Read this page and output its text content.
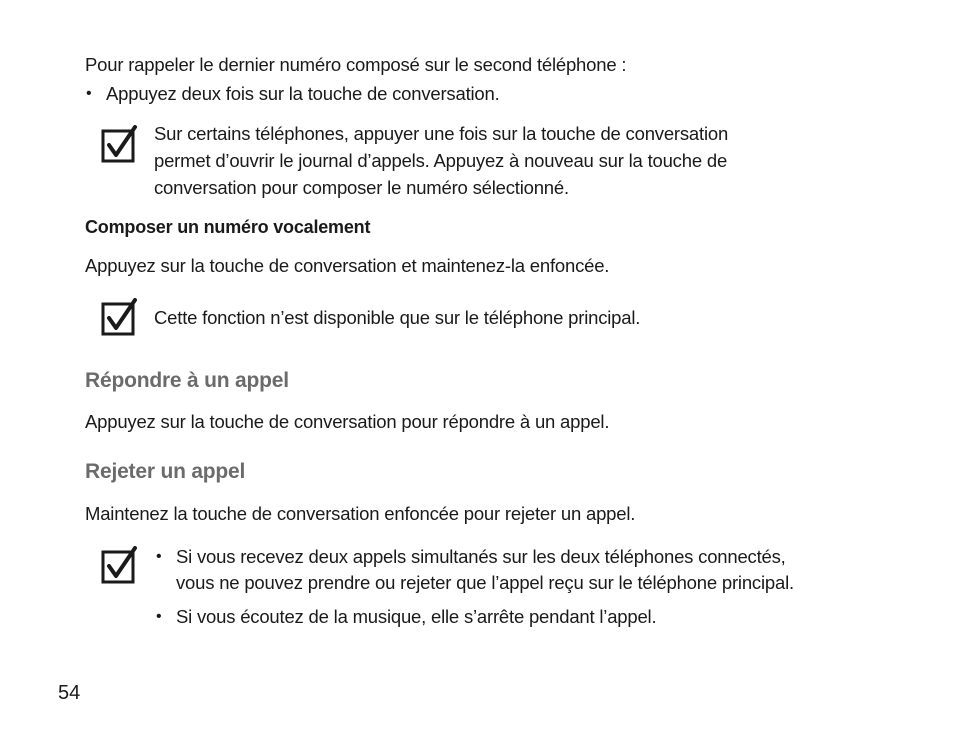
Pour rappeler le dernier numéro composé sur le second téléphone :
• Appuyez deux fois sur la touche de conversation.
Sur certains téléphones, appuyer une fois sur la touche de conversation
permet d’ouvrir le journal d’appels. Appuyez à nouveau sur la touche de
conversation pour composer le numéro sélectionné.
Composer un numéro vocalement
Appuyez sur la touche de conversation et maintenez-la enfoncée.
Cette fonction n’est disponible que sur le téléphone principal.
Répondre à un appel
Appuyez sur la touche de conversation pour répondre à un appel.
Rejeter un appel
Maintenez la touche de conversation enfoncée pour rejeter un appel.
• Si vous recevez deux appels simultanés sur les deux téléphones connectés,
vous ne pouvez prendre ou rejeter que l’appel reçu sur le téléphone principal.
• Si vous écoutez de la musique, elle s’arrête pendant l’appel.
54
